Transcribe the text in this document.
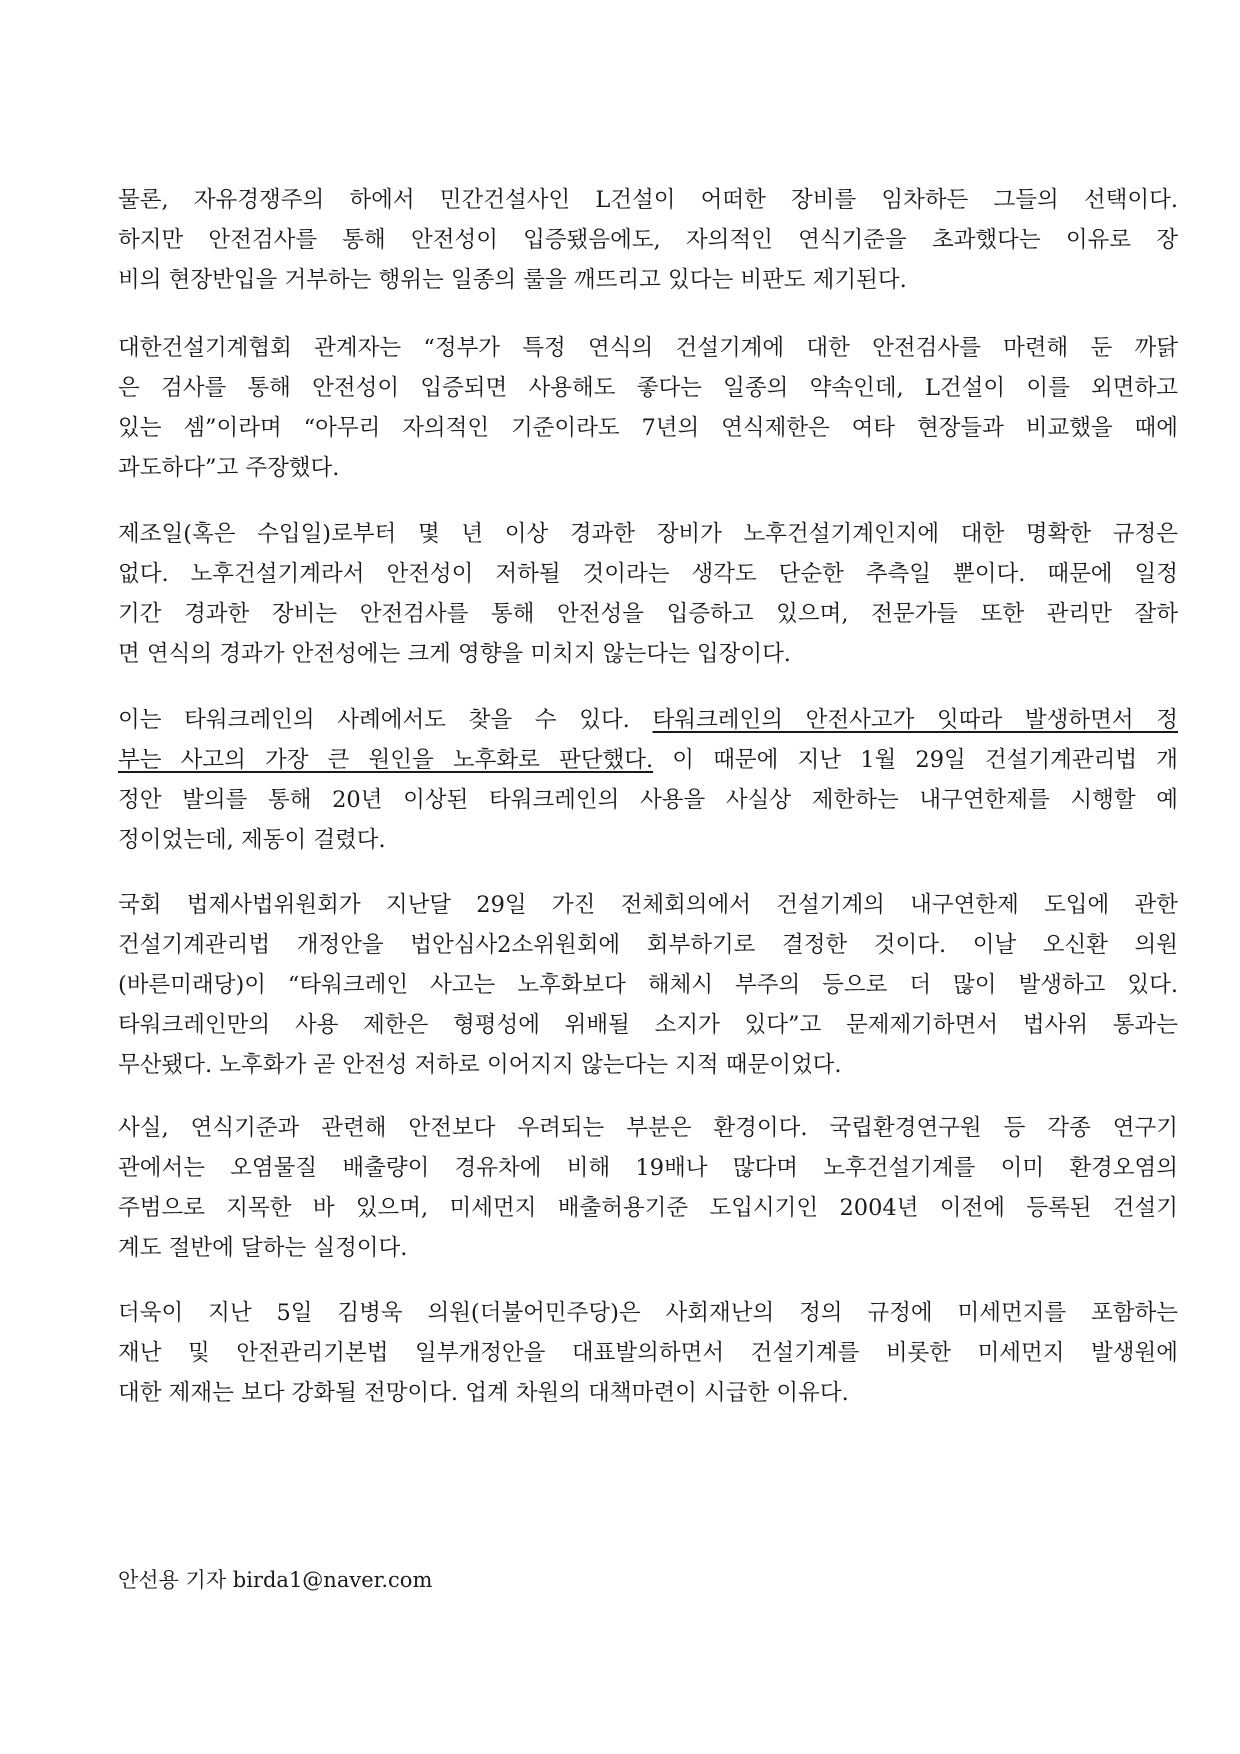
물론, 자유경쟁주의 하에서 민간건설사인 L건설이 어떠한 장비를 임차하든 그들의 선택이다.
하지만 안전검사를 통해 안전성이 입증됐음에도, 자의적인 연식기준을 초과했다는 이유로 장
비의 현장반입을 거부하는 행위는 일종의 룰을 깨뜨리고 있다는 비판도 제기된다.
대한건설기계협회 관계자는 “정부가 특정 연식의 건설기계에 대한 안전검사를 마련해 둔 까닭
은 검사를 통해 안전성이 입증되면 사용해도 좋다는 일종의 약속인데, L건설이 이를 외면하고
있는 셈”이라며 “아무리 자의적인 기준이라도 7년의 연식제한은 여타 현장들과 비교했을 때에
과도하다”고 주장했다.
제조일(혹은 수입일)로부터 몇 년 이상 경과한 장비가 노후건설기계인지에 대한 명확한 규정은
없다. 노후건설기계라서 안전성이 저하될 것이라는 생각도 단순한 추측일 뿐이다. 때문에 일정
기간 경과한 장비는 안전검사를 통해 안전성을 입증하고 있으며, 전문가들 또한 관리만 잘하
면 연식의 경과가 안전성에는 크게 영향을 미치지 않는다는 입장이다.
이는 타워크레인의 사례에서도 찾을 수 있다. 타워크레인의 안전사고가 잇따라 발생하면서 정
부는 사고의 가장 큰 원인을 노후화로 판단했다. 이 때문에 지난 1월 29일 건설기계관리법 개
정안 발의를 통해 20년 이상된 타워크레인의 사용을 사실상 제한하는 내구연한제를 시행할 예
정이었는데, 제동이 걸렸다.
국회 법제사법위원회가 지난달 29일 가진 전체회의에서 건설기계의 내구연한제 도입에 관한
건설기계관리법 개정안을 법안심사2소위원회에 회부하기로 결정한 것이다. 이날 오신환 의원
(바른미래당)이 “타워크레인 사고는 노후화보다 해체시 부주의 등으로 더 많이 발생하고 있다.
타워크레인만의 사용 제한은 형평성에 위배될 소지가 있다”고 문제제기하면서 법사위 통과는
무산됐다. 노후화가 곧 안전성 저하로 이어지지 않는다는 지적 때문이었다.
사실, 연식기준과 관련해 안전보다 우려되는 부분은 환경이다. 국립환경연구원 등 각종 연구기
관에서는 오염물질 배출량이 경유차에 비해 19배나 많다며 노후건설기계를 이미 환경오염의
주범으로 지목한 바 있으며, 미세먼지 배출허용기준 도입시기인 2004년 이전에 등록된 건설기
계도 절반에 달하는 실정이다.
더욱이 지난 5일 김병욱 의원(더불어민주당)은 사회재난의 정의 규정에 미세먼지를 포함하는
재난 및 안전관리기본법 일부개정안을 대표발의하면서 건설기계를 비롯한 미세먼지 발생원에
대한 제재는 보다 강화될 전망이다. 업계 차원의 대책마련이 시급한 이유다.
안선용 기자 birda1@naver.com
